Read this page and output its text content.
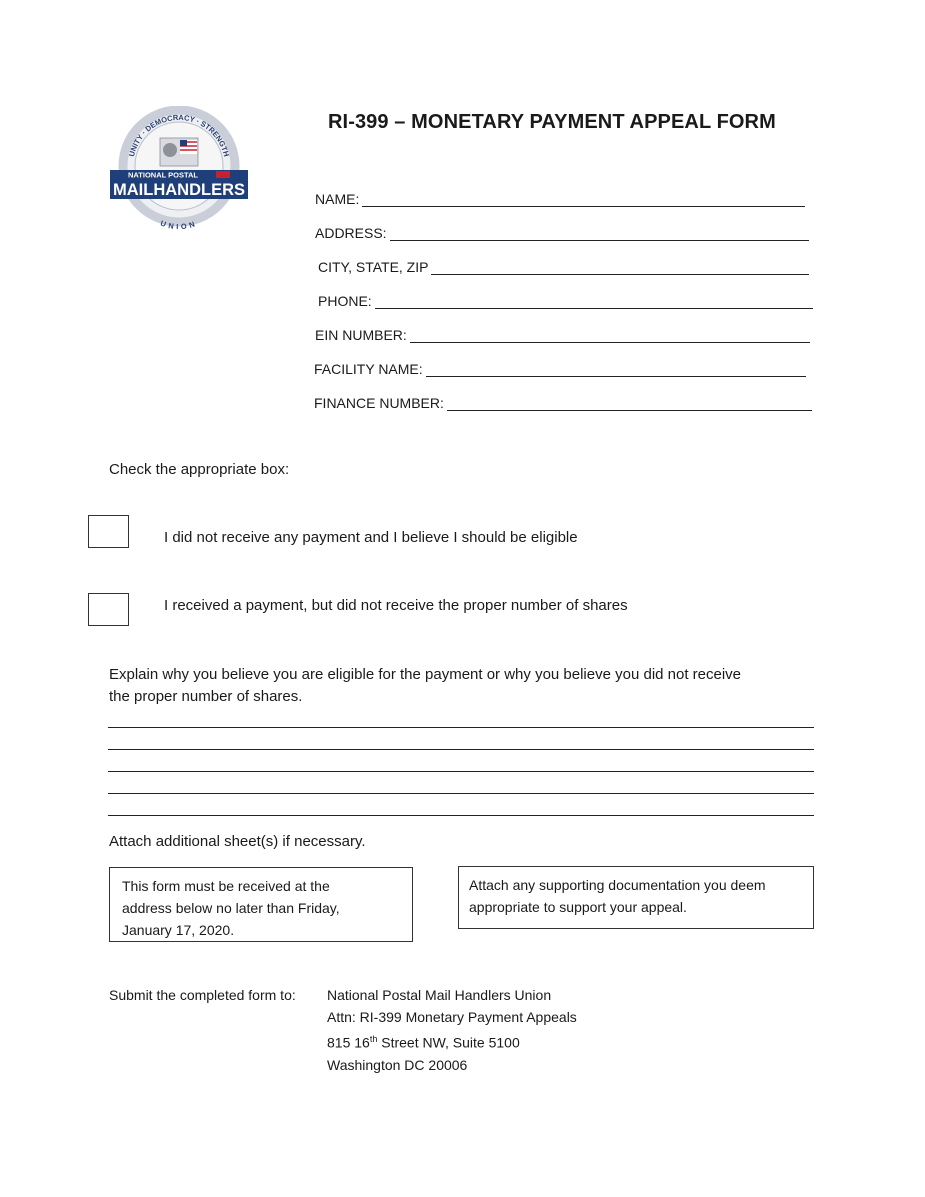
UNITY · DEMOCRACY · STRENGTH
NATIONAL POSTAL
MAILHANDLERS
UNION
RI-399 – MONETARY PAYMENT APPEAL FORM
NAME:
ADDRESS:
CITY, STATE, ZIP
PHONE:
EIN NUMBER:
FACILITY NAME:
FINANCE NUMBER:
Check the appropriate box:
I did not receive any payment and I believe I should be eligible
I received a payment, but did not receive the proper number of shares
Explain why you believe you are eligible for the payment or why you believe you did not receive
the proper number of shares.
Attach additional sheet(s) if necessary.
This form must be received at the
address below no later than Friday,
January 17, 2020.
Attach any supporting documentation you deem
appropriate to support your appeal.
Submit the completed form to: National Postal Mail Handlers Union
Attn: RI-399 Monetary Payment Appeals
815 16th Street NW, Suite 5100
Washington DC 20006
